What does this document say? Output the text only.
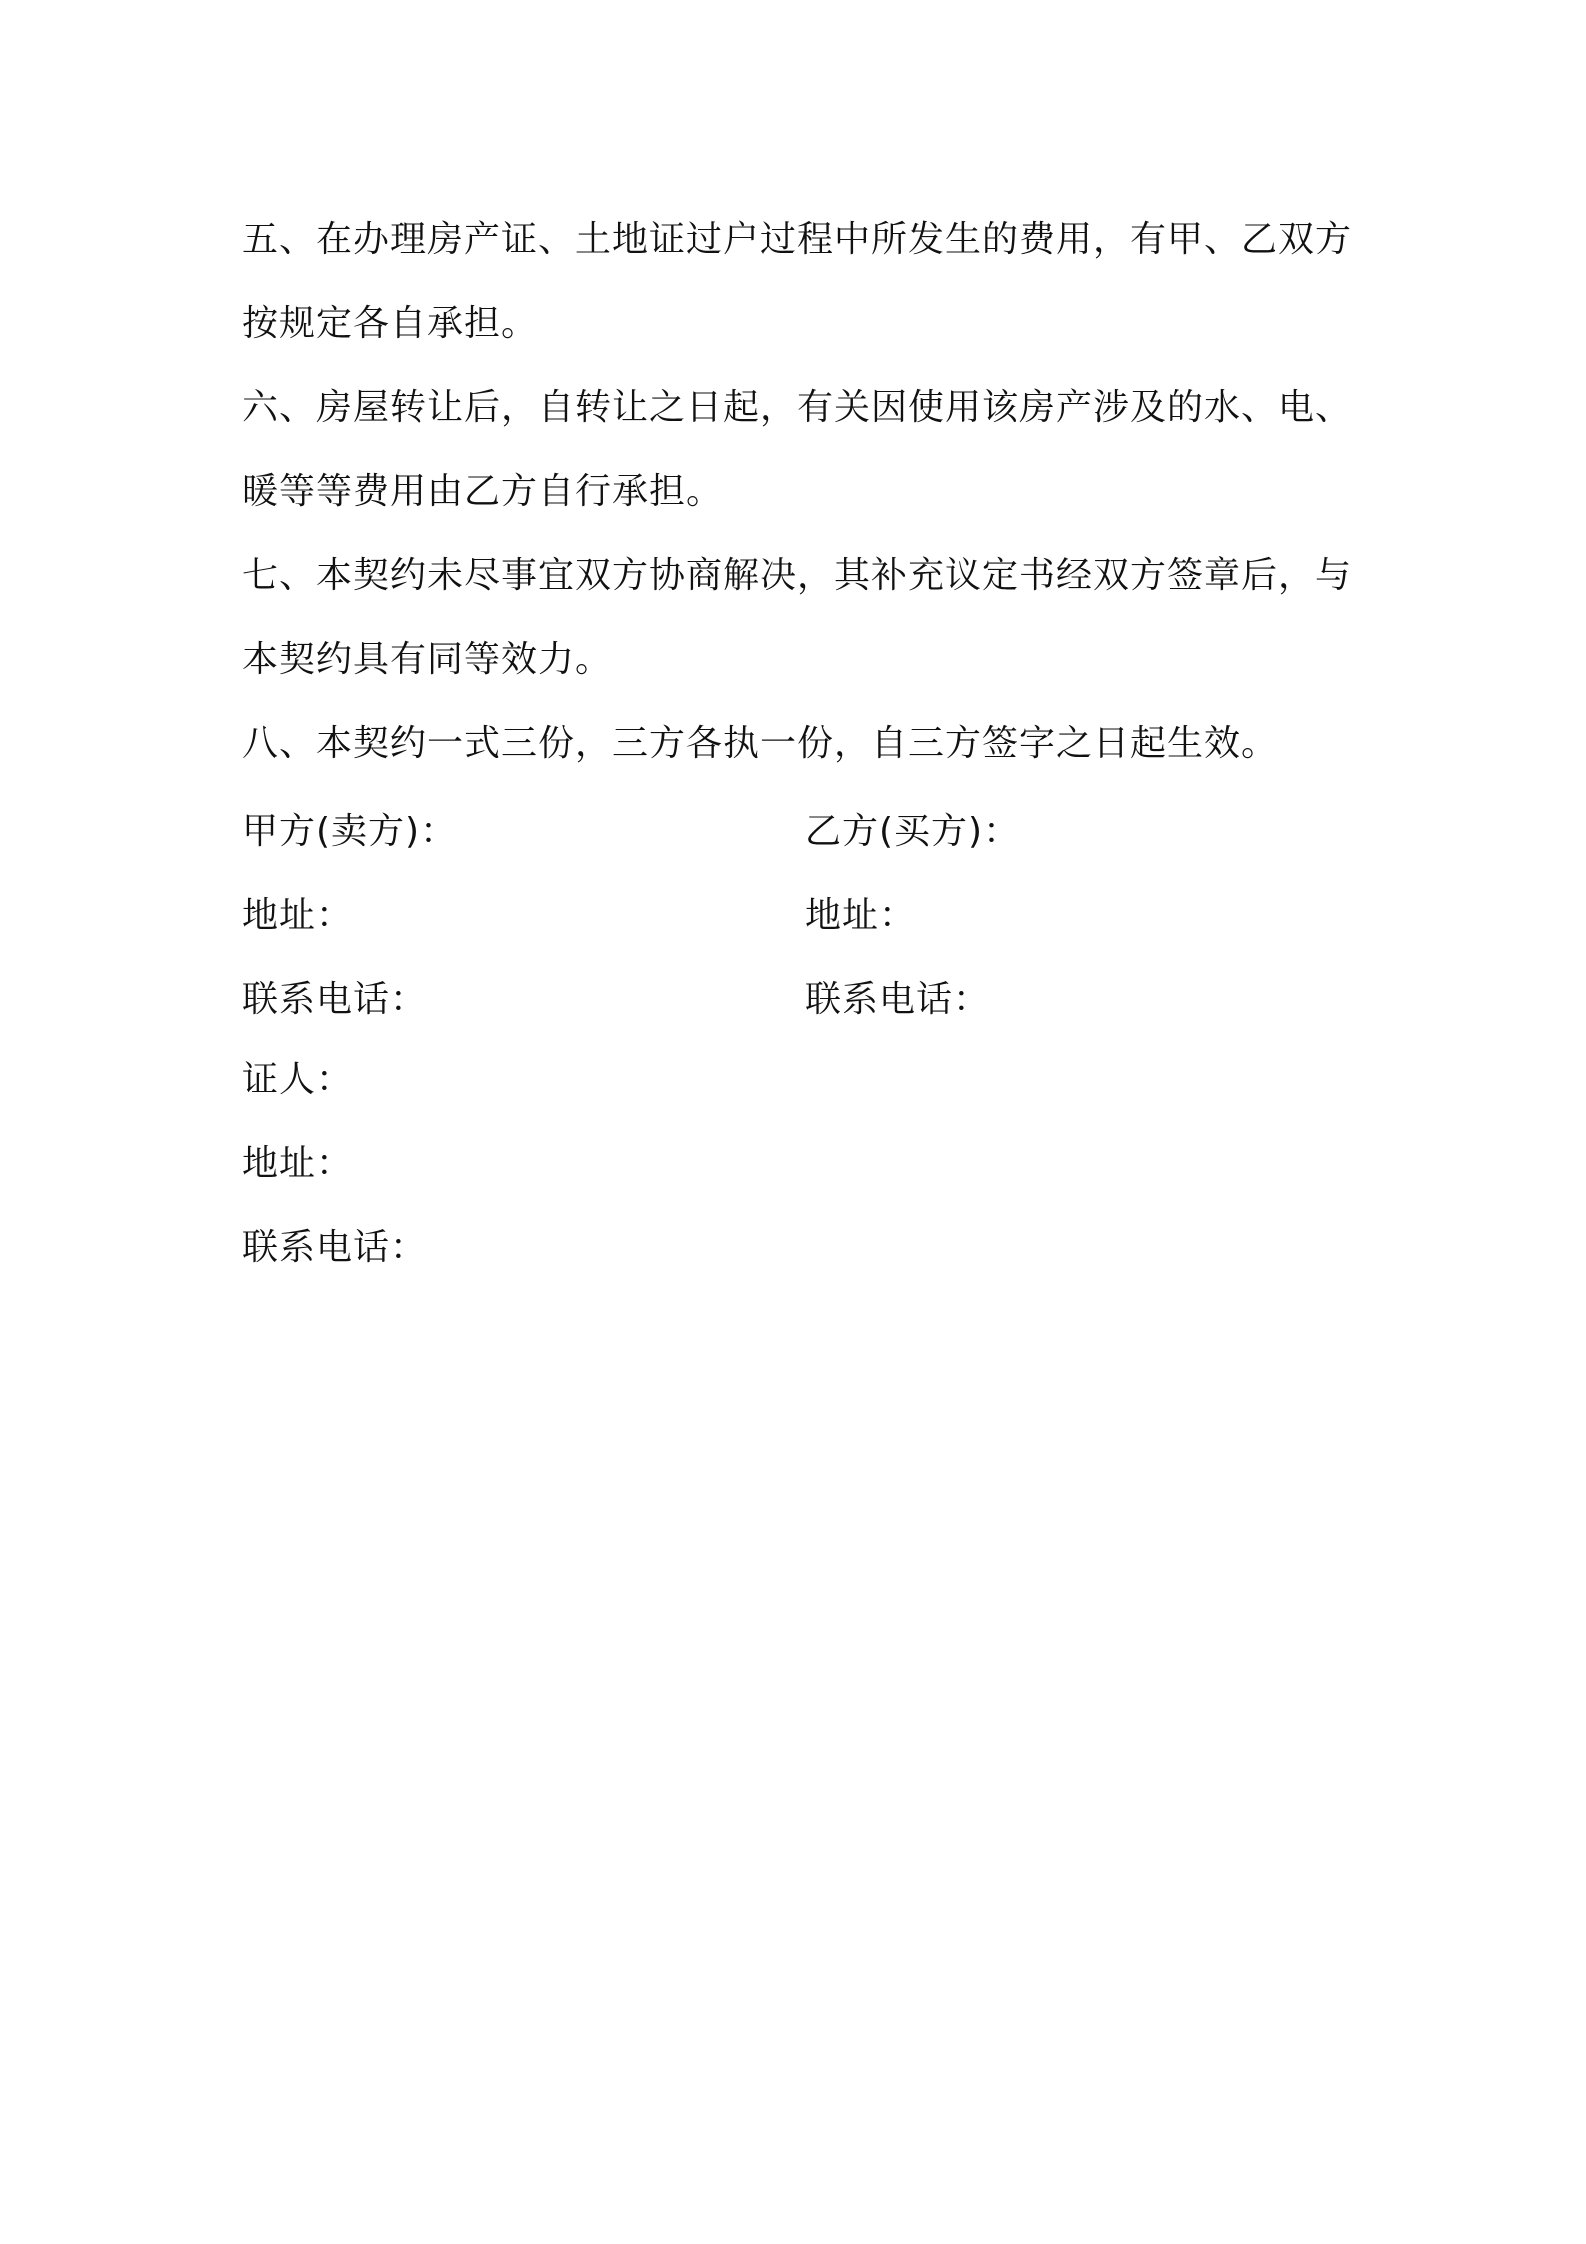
五、在办理房产证、土地证过户过程中所发生的费用，有甲、乙双方按规定各自承担。

六、房屋转让后，自转让之日起，有关因使用该房产涉及的水、电、暖等等费用由乙方自行承担。

七、本契约未尽事宜双方协商解决，其补充议定书经双方签章后，与本契约具有同等效力。

八、本契约一式三份，三方各执一份，自三方签字之日起生效。

甲方(卖方)：	乙方(买方)：
地址：	地址：
联系电话：	联系电话：
证人：
地址：
联系电话：
